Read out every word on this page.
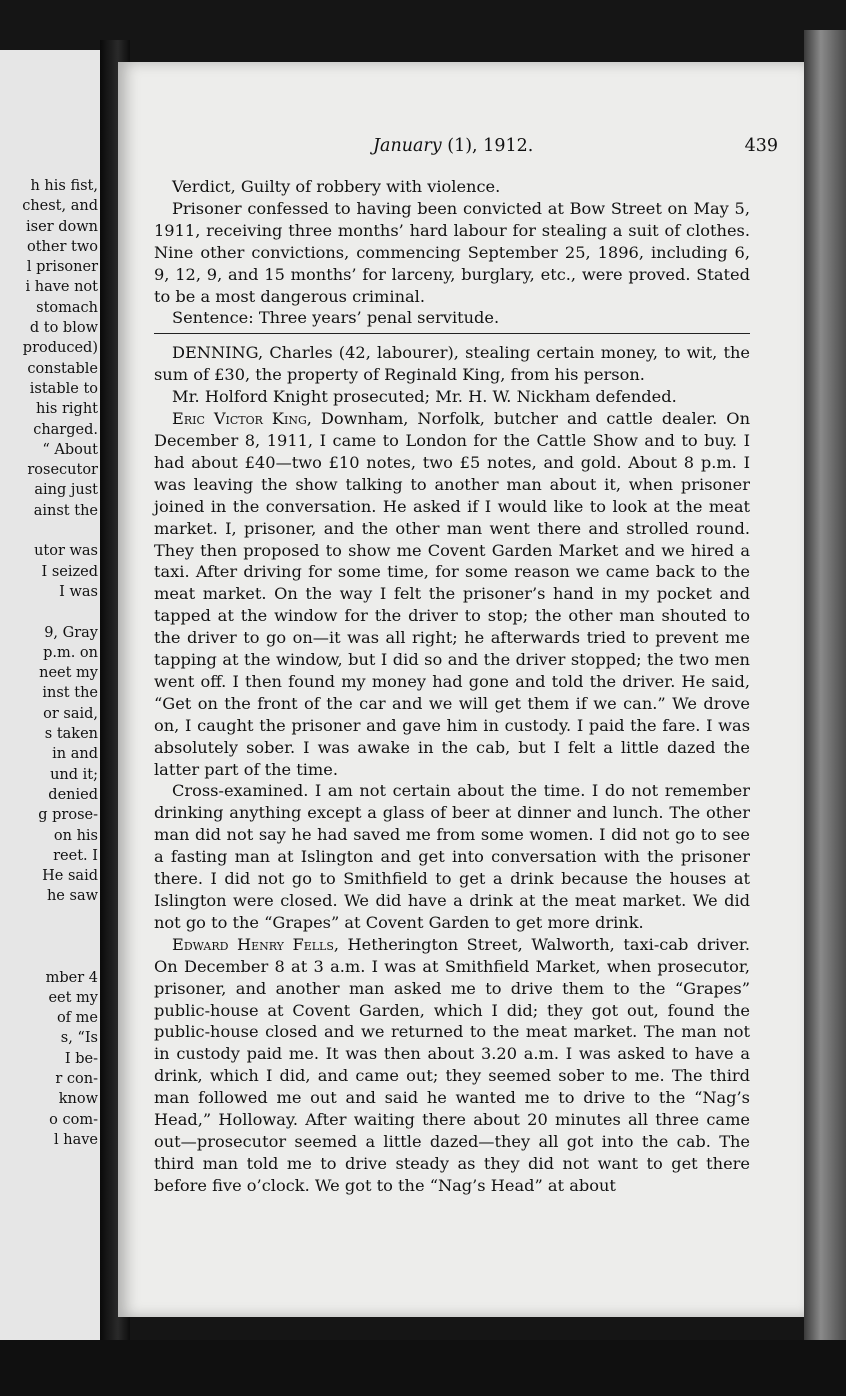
h his fist,
chest, and
iser down
other two
l prisoner
i have not
stomach
d to blow
produced)
constable
istable to
his right
charged.
“ About
rosecutor
aing just
ainst the

utor was
I seized
I was

9, Gray
p.m. on
neet my
inst the
or said,
s taken
in and
und it;
denied
g prose-
on his
reet. I
He said
he saw

mber 4
eet my
of me
s, “Is
I be-
r con-
know
o com-
l have
January (1), 1912.	439

Verdict, Guilty of robbery with violence.

Prisoner confessed to having been convicted at Bow Street on May 5, 1911, receiving three months’ hard labour for stealing a suit of clothes. Nine other convictions, commencing September 25, 1896, including 6, 9, 12, 9, and 15 months’ for larceny, burglary, etc., were proved. Stated to be a most dangerous criminal.

Sentence: Three years’ penal servitude.

DENNING, Charles (42, labourer), stealing certain money, to wit, the sum of £30, the property of Reginald King, from his person.

Mr. Holford Knight prosecuted; Mr. H. W. Nickham defended.

Eric Victor King, Downham, Norfolk, butcher and cattle dealer. On December 8, 1911, I came to London for the Cattle Show and to buy. I had about £40—two £10 notes, two £5 notes, and gold. About 8 p.m. I was leaving the show talking to another man about it, when prisoner joined in the conversation. He asked if I would like to look at the meat market. I, prisoner, and the other man went there and strolled round. They then proposed to show me Covent Garden Market and we hired a taxi. After driving for some time, for some reason we came back to the meat market. On the way I felt the prisoner’s hand in my pocket and tapped at the window for the driver to stop; the other man shouted to the driver to go on—it was all right; he afterwards tried to prevent me tapping at the window, but I did so and the driver stopped; the two men went off. I then found my money had gone and told the driver. He said, “Get on the front of the car and we will get them if we can.” We drove on, I caught the prisoner and gave him in custody. I paid the fare. I was absolutely sober. I was awake in the cab, but I felt a little dazed the latter part of the time.

Cross-examined. I am not certain about the time. I do not remember drinking anything except a glass of beer at dinner and lunch. The other man did not say he had saved me from some women. I did not go to see a fasting man at Islington and get into conversation with the prisoner there. I did not go to Smithfield to get a drink because the houses at Islington were closed. We did have a drink at the meat market. We did not go to the “Grapes” at Covent Garden to get more drink.

Edward Henry Fells, Hetherington Street, Walworth, taxi-cab driver. On December 8 at 3 a.m. I was at Smithfield Market, when prosecutor, prisoner, and another man asked me to drive them to the “Grapes” public-house at Covent Garden, which I did; they got out, found the public-house closed and we returned to the meat market. The man not in custody paid me. It was then about 3.20 a.m. I was asked to have a drink, which I did, and came out; they seemed sober to me. The third man followed me out and said he wanted me to drive to the “Nag’s Head,” Holloway. After waiting there about 20 minutes all three came out—prosecutor seemed a little dazed—they all got into the cab. The third man told me to drive steady as they did not want to get there before five o’clock. We got to the “Nag’s Head” at about
